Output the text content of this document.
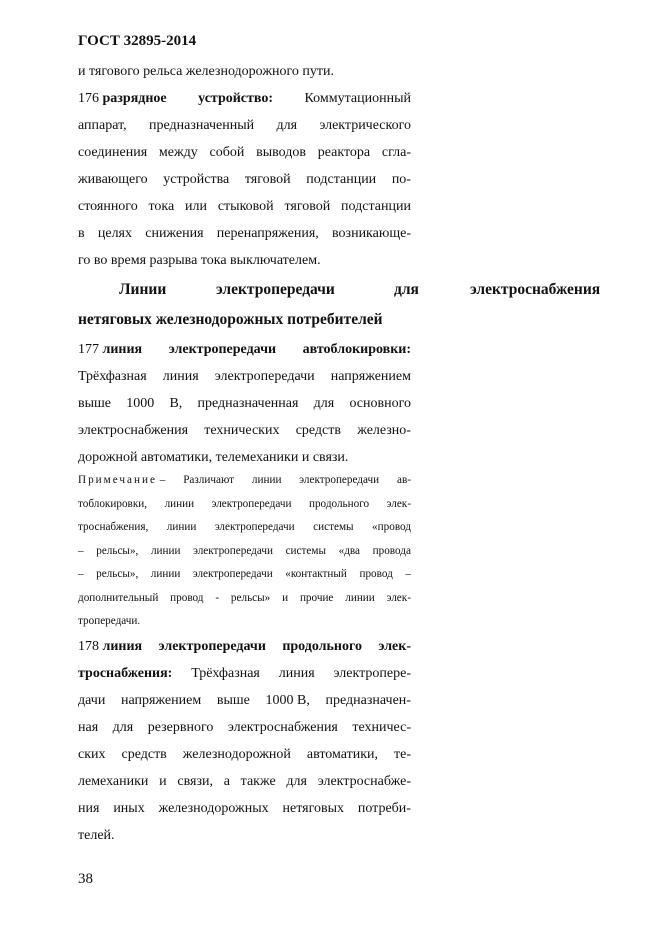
ГОСТ 32895-2014
и тягового рельса железнодорожного пути.
176 разрядное устройство: Коммутационный
аппарат, предназначенный для электрического
соединения между собой выводов реактора сгла-
живающего устройства тяговой подстанции по-
стоянного тока или стыковой тяговой подстанции
в целях снижения перенапряжения, возникающе-
го во время разрыва тока выключателем.
Линии	электропередачи	для	электроснабжения
нетяговых железнодорожных потребителей
177 линия электропередачи автоблокировки:
Трёхфазная линия электропередачи напряжением
выше 1000 В, предназначенная для основного
электроснабжения технических средств железно-
дорожной автоматики, телемеханики и связи.
Примечание – Различают линии электропередачи ав-
тоблокировки, линии электропередачи продольного элек-
троснабжения, линии электропередачи системы «провод
– рельсы», линии электропередачи системы «два провода
– рельсы», линии электропередачи «контактный провод –
дополнительный провод - рельсы» и прочие линии элек-
тропередачи.
178 линия электропередачи продольного элек-
троснабжения: Трёхфазная линия электропере-
дачи напряжением выше 1000 В, предназначен-
ная для резервного электроснабжения техничес-
ских средств железнодорожной автоматики, те-
лемеханики и связи, а также для электроснабже-
ния иных железнодорожных нетяговых потреби-
телей.
38
